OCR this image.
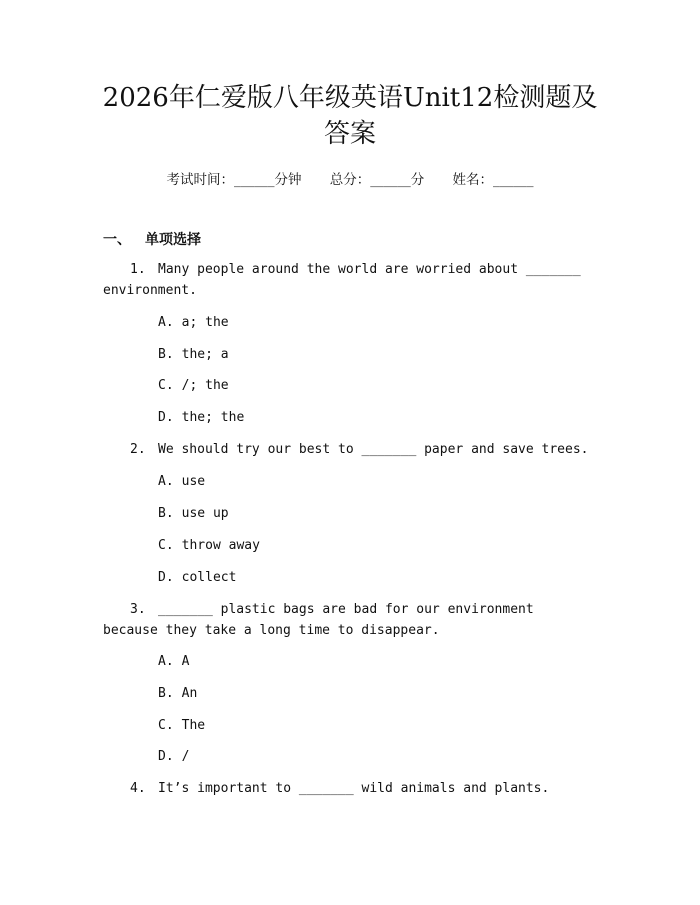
2026年仁爱版八年级英语Unit12检测题及答案
考试时间：______分钟 总分：______分 姓名：______
一、 单项选择
1. Many people around the world are worried about _______ environment.
A. a; the
B. the; a
C. /; the
D. the; the
2. We should try our best to _______ paper and save trees.
A. use
B. use up
C. throw away
D. collect
3. _______ plastic bags are bad for our environment because they take a long time to disappear.
A. A
B. An
C. The
D. /
4. It’s important to _______ wild animals and plants.
